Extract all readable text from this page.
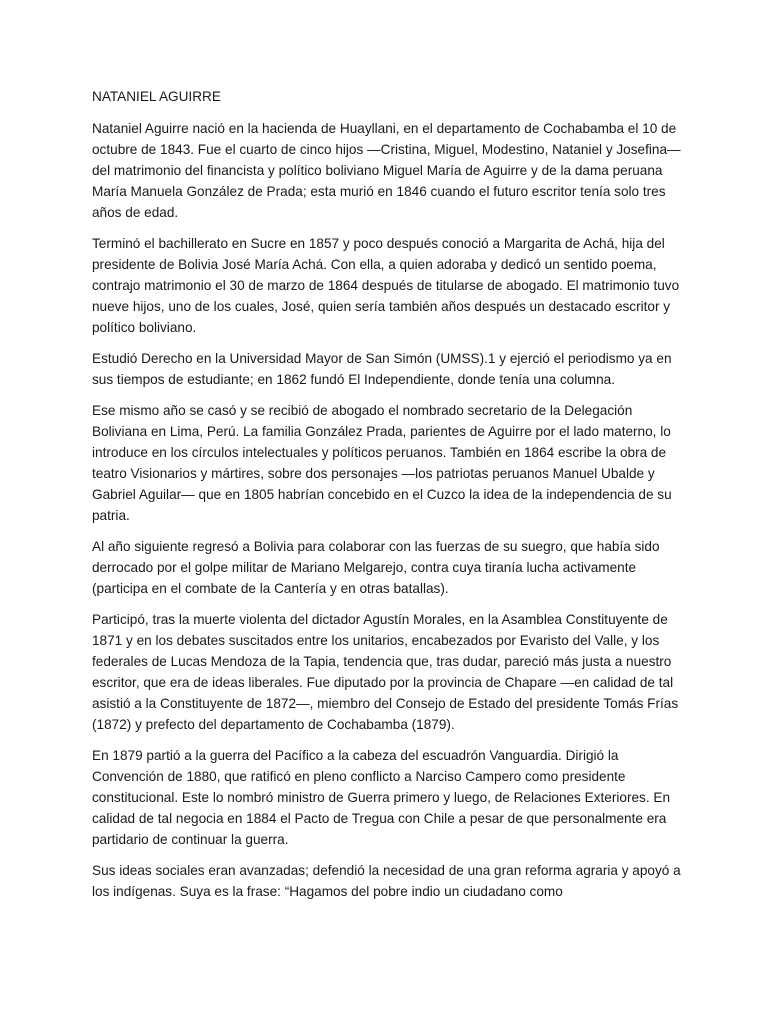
NATANIEL AGUIRRE

Nataniel Aguirre nació en la hacienda de Huayllani, en el departamento de Cochabamba el 10 de octubre de 1843. Fue el cuarto de cinco hijos —Cristina, Miguel, Modestino, Nataniel y Josefina— del matrimonio del financista y político boliviano Miguel María de Aguirre y de la dama peruana María Manuela González de Prada; esta murió en 1846 cuando el futuro escritor tenía solo tres años de edad.

Terminó el bachillerato en Sucre en 1857 y poco después conoció a Margarita de Achá, hija del presidente de Bolivia José María Achá. Con ella, a quien adoraba y dedicó un sentido poema, contrajo matrimonio el 30 de marzo de 1864 después de titularse de abogado. El matrimonio tuvo nueve hijos, uno de los cuales, José, quien sería también años después un destacado escritor y político boliviano.

Estudió Derecho en la Universidad Mayor de San Simón (UMSS).1 y ejerció el periodismo ya en sus tiempos de estudiante; en 1862 fundó El Independiente, donde tenía una columna.

Ese mismo año se casó y se recibió de abogado el nombrado secretario de la Delegación Boliviana en Lima, Perú. La familia González Prada, parientes de Aguirre por el lado materno, lo introduce en los círculos intelectuales y políticos peruanos. También en 1864 escribe la obra de teatro Visionarios y mártires, sobre dos personajes —los patriotas peruanos Manuel Ubalde y Gabriel Aguilar— que en 1805 habrían concebido en el Cuzco la idea de la independencia de su patria.

Al año siguiente regresó a Bolivia para colaborar con las fuerzas de su suegro, que había sido derrocado por el golpe militar de Mariano Melgarejo, contra cuya tiranía lucha activamente (participa en el combate de la Cantería y en otras batallas).

Participó, tras la muerte violenta del dictador Agustín Morales, en la Asamblea Constituyente de 1871 y en los debates suscitados entre los unitarios, encabezados por Evaristo del Valle, y los federales de Lucas Mendoza de la Tapia, tendencia que, tras dudar, pareció más justa a nuestro escritor, que era de ideas liberales. Fue diputado por la provincia de Chapare —en calidad de tal asistió a la Constituyente de 1872—, miembro del Consejo de Estado del presidente Tomás Frías (1872) y prefecto del departamento de Cochabamba (1879).

En 1879 partió a la guerra del Pacífico a la cabeza del escuadrón Vanguardia. Dirigió la Convención de 1880, que ratificó en pleno conflicto a Narciso Campero como presidente constitucional. Este lo nombró ministro de Guerra primero y luego, de Relaciones Exteriores. En calidad de tal negocia en 1884 el Pacto de Tregua con Chile a pesar de que personalmente era partidario de continuar la guerra.

Sus ideas sociales eran avanzadas; defendió la necesidad de una gran reforma agraria y apoyó a los indígenas. Suya es la frase: “Hagamos del pobre indio un ciudadano como
